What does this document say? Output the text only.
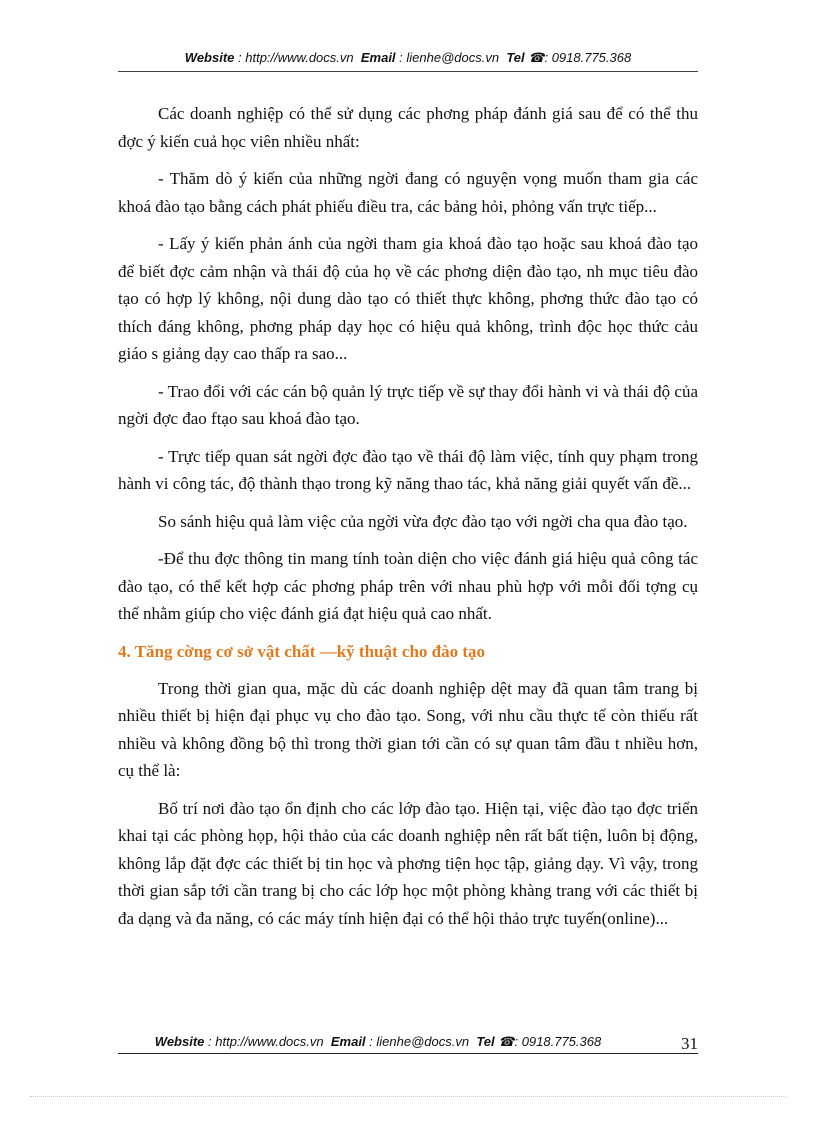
Website : http://www.docs.vn Email : lienhe@docs.vn Tel ☎: 0918.775.368

Các doanh nghiệp có thể sử dụng các phơng pháp đánh giá sau để có thể thu đợc ý kiến cuả học viên nhiều nhất:

- Thăm dò ý kiến của những ngời đang có nguyện vọng muốn tham gia các khoá đào tạo bằng cách phát phiếu điều tra, các bảng hỏi, phỏng vấn trực tiếp...

- Lấy ý kiến phản ánh của ngời tham gia khoá đào tạo hoặc sau khoá đào tạo để biết đợc cảm nhận và thái độ của họ về các phơng diện đào tạo, nh mục tiêu đào tạo có hợp lý không, nội dung dào tạo có thiết thực không, phơng thức đào tạo có thích đáng không, phơng pháp dạy học có hiệu quả không, trình độc học thức cảu giáo s giảng dạy cao thấp ra sao...

- Trao đổi với các cán bộ quản lý trực tiếp về sự thay đổi hành vi và thái độ của ngời đợc đao ftạo sau khoá đào tạo.

- Trực tiếp quan sát ngời đợc đào tạo về thái độ làm việc, tính quy phạm trong hành vi công tác, độ thành thạo trong kỹ năng thao tác, khả năng giải quyết vấn đề...

So sánh hiệu quả làm việc của ngời vừa đợc đào tạo với ngời cha qua đào tạo.

-Để thu đợc thông tin mang tính toàn diện cho việc đánh giá hiệu quả công tác đào tạo, có thể kết hợp các phơng pháp trên với nhau phù hợp với mỗi đối tợng cụ thể nhằm giúp cho việc đánh giá đạt hiệu quả cao nhất.

4. Tăng cờng cơ sở vật chất —kỹ thuật cho đào tạo

Trong thời gian qua, mặc dù các doanh nghiệp dệt may đã quan tâm trang bị nhiều thiết bị hiện đại phục vụ cho đào tạo. Song, với nhu cầu thực tế còn thiếu rất nhiều và không đồng bộ thì trong thời gian tới cần có sự quan tâm đầu t nhiều hơn, cụ thể là:

Bố trí nơi đào tạo ổn định cho các lớp đào tạo. Hiện tại, việc đào tạo đợc triển khai tại các phòng họp, hội thảo của các doanh nghiệp nên rất bất tiện, luôn bị động, không lắp đặt đợc các thiết bị tin học và phơng tiện học tập, giảng dạy. Vì vậy, trong thời gian sắp tới cần trang bị cho các lớp học một phòng khàng trang với các thiết bị đa dạng và đa năng, có các máy tính hiện đại có thể hội thảo trực tuyến(online)...

Website : http://www.docs.vn Email : lienhe@docs.vn Tel ☎: 0918.775.368	31
